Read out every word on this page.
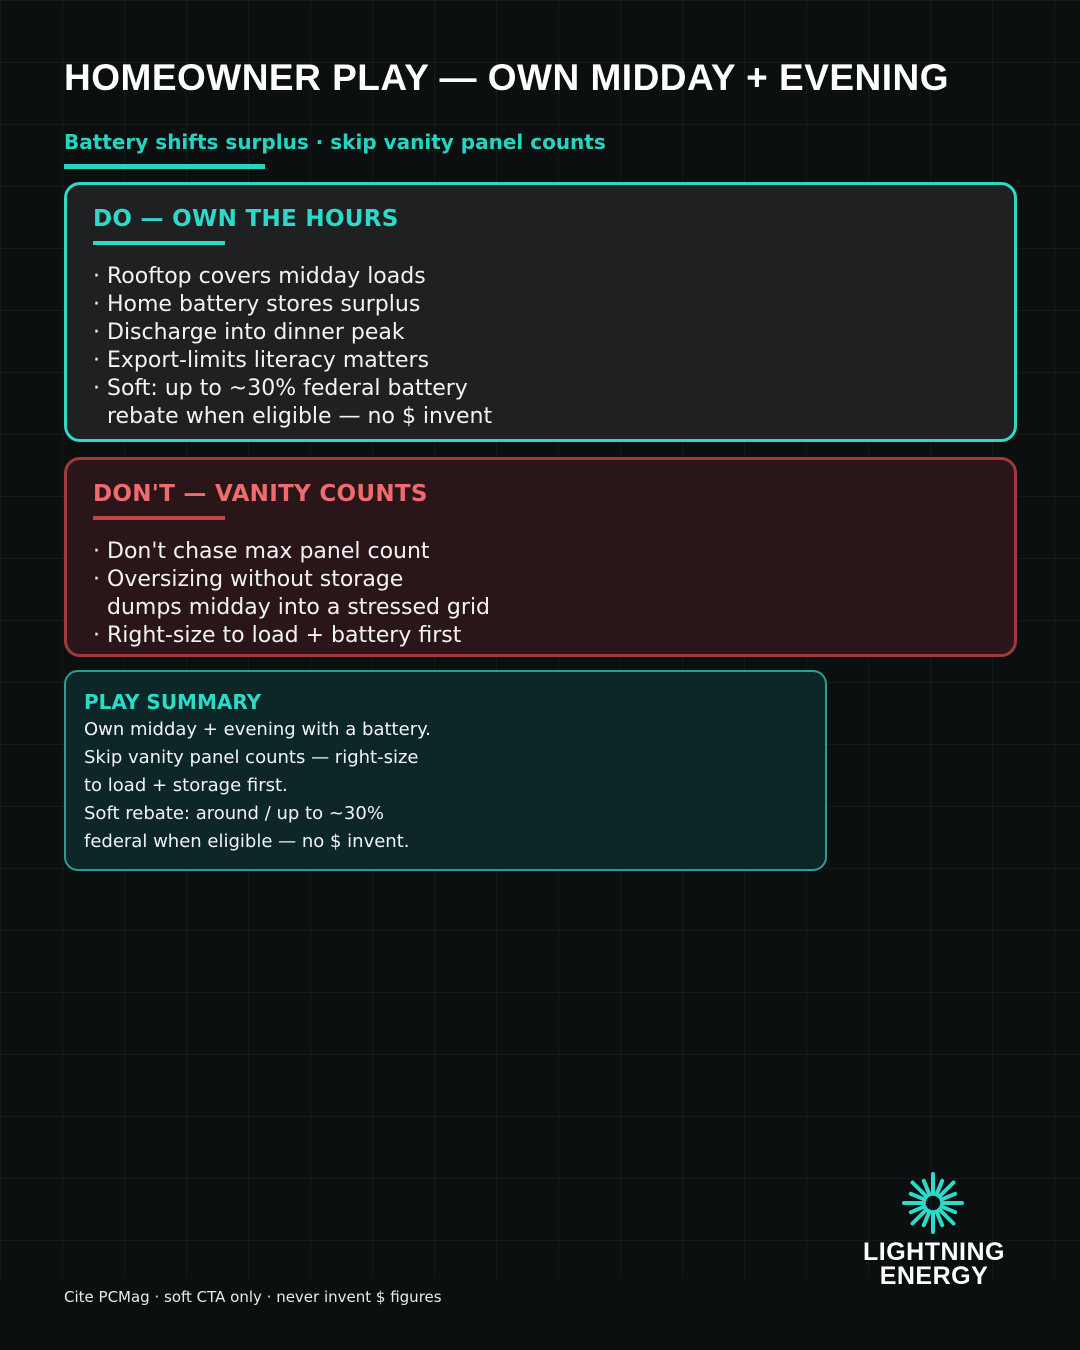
HOMEOWNER PLAY — OWN MIDDAY + EVENING
Battery shifts surplus · skip vanity panel counts
DO — OWN THE HOURS
· Rooftop covers midday loads
· Home battery stores surplus
· Discharge into dinner peak
· Export-limits literacy matters
· Soft: up to ~30% federal battery
rebate when eligible — no $ invent
DON'T — VANITY COUNTS
· Don't chase max panel count
· Oversizing without storage
dumps midday into a stressed grid
· Right-size to load + battery first
PLAY SUMMARY
Own midday + evening with a battery.
Skip vanity panel counts — right-size
to load + storage first.
Soft rebate: around / up to ~30%
federal when eligible — no $ invent.
Cite PCMag · soft CTA only · never invent $ figures
LIGHTNING
ENERGY
